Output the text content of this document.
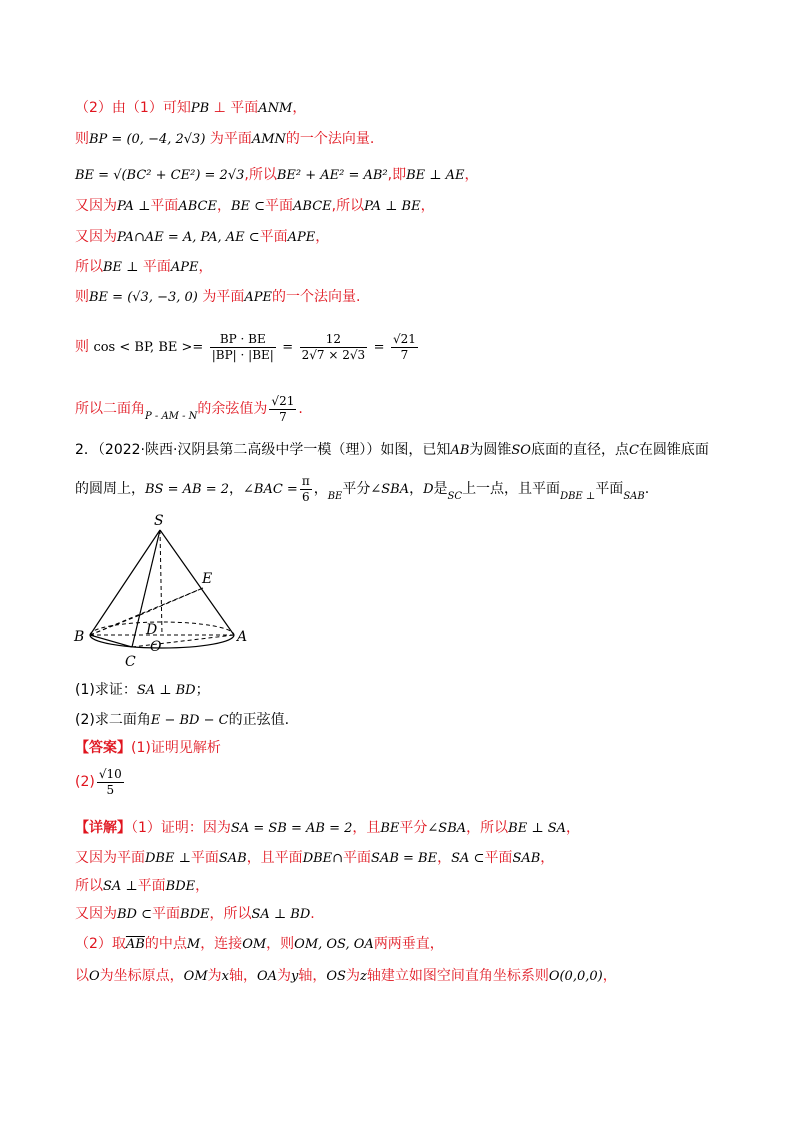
（2）由（1）可知PB ⊥ 平面ANM，
则BP = (0, −4, 2√3) 为平面AMN的一个法向量.
BE = √(BC² + CE²) = 2√3,所以BE² + AE² = AB²,即BE ⊥ AE，
又因为PA ⊥平面ABCE，BE ⊂平面ABCE,所以PA ⊥ BE，
又因为PA∩AE = A, PA, AE ⊂平面APE，
所以BE ⊥ 平面APE，
则BE = (√3, −3, 0) 为平面APE的一个法向量.
则 cos < BP, BE >= $\frac{BP \cdot BE}{|BP| \cdot |BE|} = \frac{12}{2√7 \times 2√3} = \frac{√21}{7}$
所以二面角$_{P - AM - N}$的余弦值为 $\frac{√21}{7}$ .
2．（2022·陕西·汉阴县第二高级中学一模（理））如图，已知AB为圆锥SO底面的直径，点C在圆锥底面
的圆周上，BS = AB = 2，∠BAC = $\frac{\pi}{6}$ ，$_{BE}$平分∠SBA，D是$_{SC}$上一点，且平面$_{DBE \perp}$平面$_{SAB}$.
S
E
B	D	A
O
C
(1)求证：SA ⊥ BD；
(2)求二面角E − BD − C的正弦值.
【答案】(1)证明见解析
$(2) \frac{√10}{5}$
【详解】（1）证明：因为SA = SB = AB = 2，且BE平分∠SBA，所以BE ⊥ SA，
又因为平面DBE ⊥平面SAB，且平面DBE∩平面SAB = BE，SA ⊂平面SAB，
所以SA ⊥平面BDE，
又因为BD ⊂平面BDE，所以SA ⊥ BD.
（2）取$\overline{AB}$的中点M，连接OM，则OM, OS, OA两两垂直，
以O为坐标原点，OM为x轴，OA为y轴，OS为z轴建立如图空间直角坐标系则O(0,0,0)，
